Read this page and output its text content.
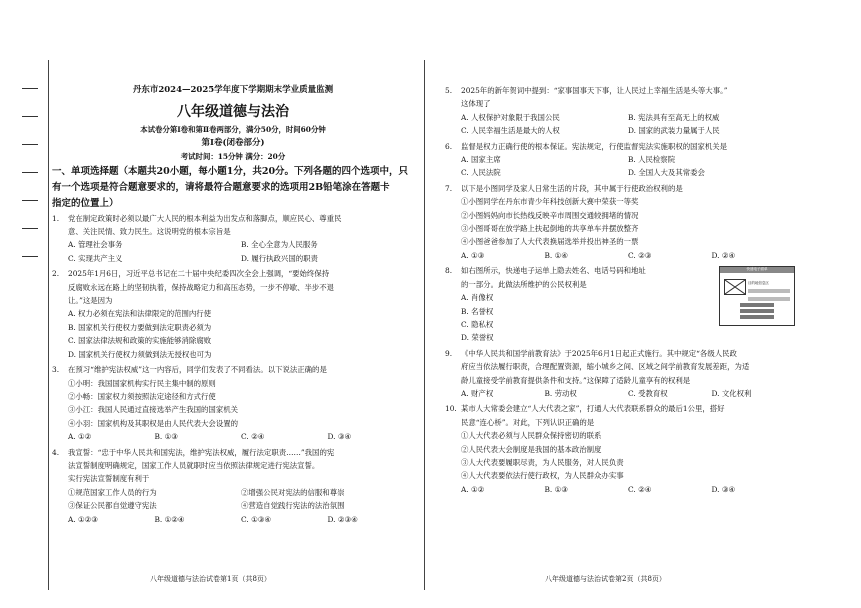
丹东市2024—2025学年度下学期期末学业质量监测
八年级道德与法治
本试卷分第Ⅰ卷和第Ⅱ卷两部分，满分50分，时间60分钟
第Ⅰ卷(闭卷部分)
考试时间：15分钟 满分：20分
一、单项选择题（本题共20小题，每小题1分，共20分。下列各题的四个选项中，只
有一个选项是符合题意要求的，请将最符合题意要求的选项用2B铅笔涂在答题卡
指定的位置上）
1.	党在制定政策时必须以最广大人民的根本利益为出发点和落脚点，顺应民心、尊重民
意、关注民情、致力民生。这说明党的根本宗旨是
A. 管理社会事务	B. 全心全意为人民服务
C. 实现共产主义	D. 履行执政兴国的职责
2.	2025年1月6日，习近平总书记在二十届中央纪委四次全会上强调，“要始终保持
反腐败永远在路上的坚韧执着，保持战略定力和高压态势，一步不停歇、半步不退
让。”这是因为
A. 权力必须在宪法和法律限定的范围内行使
B. 国家机关行使权力要做到法定职责必须为
C. 国家法律法规和政策的实施能够消除腐败
D. 国家机关行使权力须做到法无授权也可为
3.	在预习“维护宪法权威”这一内容后，同学们发表了不同看法。以下说法正确的是
①小明：我国国家机构实行民主集中制的原则
②小畅：国家权力须按照法定途径和方式行使
③小江：我国人民通过直接选举产生我国的国家机关
④小羽：国家机构及其职权是由人民代表大会设置的
A. ①②	B. ①③	C. ②④	D. ③④
4.	我宣誓：“忠于中华人民共和国宪法，维护宪法权威，履行法定职责……”我国的宪
法宣誓制度明确规定，国家工作人员就职时应当依照法律规定进行宪法宣誓。
实行宪法宣誓制度有利于
①规范国家工作人员的行为	②增强公民对宪法的信服和尊崇
③保证公民都自觉遵守宪法	④营造自觉践行宪法的法治氛围
A. ①②③	B. ①②④	C. ①③④	D. ②③④
5.	2025年的新年贺词中提到：“家事国事天下事，让人民过上幸福生活是头等大事。”
这体现了
A. 人权保护对象限于我国公民	B. 宪法具有至高无上的权威
C. 人民幸福生活是最大的人权	D. 国家的武装力量属于人民
6.	监督是权力正确行使的根本保证。宪法规定，行使监督宪法实施职权的国家机关是
A. 国家主席	B. 人民检察院
C. 人民法院	D. 全国人大及其常委会
7.	以下是小图同学及家人日常生活的片段，其中属于行使政治权利的是
①小图同学在丹东市青少年科技创新大赛中荣获一等奖
②小图妈妈向市长热线反映辛市周围交通较拥堵的情况
③小图哥哥在放学路上扶起倒地的共享单车并摆放整齐
④小图爸爸参加了人大代表换届选举并投出神圣的一票
A. ①③	B. ①④	C. ②③	D. ②④
8.	如右图所示，快递电子运单上隐去姓名、电话号码和地址
的一部分。此做法所维护的公民权利是
A. 肖像权
B. 名誉权
C. 隐私权
D. 荣誉权
快递电子面单
目的地信息区
9.	《中华人民共和国学前教育法》于2025年6月1日起正式施行。其中规定“各级人民政
府应当依法履行职责，合理配置资源，缩小城乡之间、区域之间学前教育发展差距，为适
龄儿童接受学前教育提供条件和支持。”这保障了适龄儿童享有的权利是
A. 财产权	B. 劳动权	C. 受教育权	D. 文化权利
10. 某市人大常委会建立“人大代表之家”，打通人大代表联系群众的最后1公里，搭好
民意“连心桥”。对此，下列认识正确的是
①人大代表必须与人民群众保持密切的联系
②人民代表大会制度是我国的基本政治制度
③人大代表要履职尽责，为人民服务，对人民负责
④人大代表要依法行使行政权，为人民群众办实事
A. ①②	B. ①③	C. ②④	D. ③④
八年级道德与法治试卷第1页（共8页）	八年级道德与法治试卷第2页（共8页）
